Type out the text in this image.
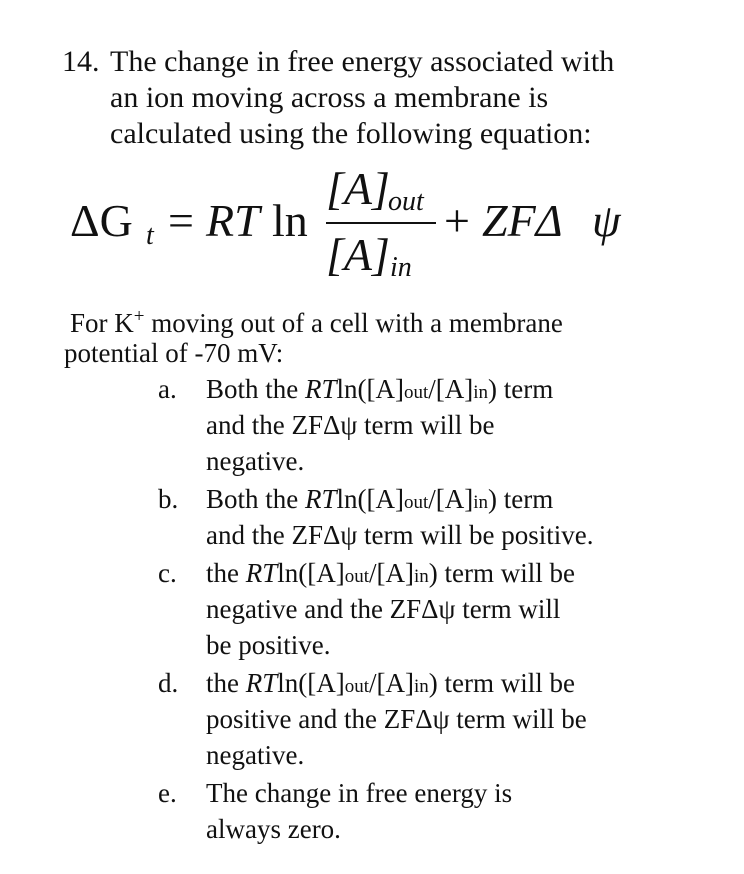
14. The change in free energy associated with
an ion moving across a membrane is
calculated using the following equation:
ΔG t = RT ln
[A]
out
[A] in
+ ZFΔ ψ
For K+ moving out of a cell with a membrane
potential of -70 mV:
a. Both the RTln([A]out/[A]in) term
and the ZFΔψ term will be
negative.
b. Both the RTln([A]out/[A]in) term
and the ZFΔψ term will be positive.
c. the RTln([A]out/[A]in) term will be
negative and the ZFΔψ term will
be positive.
d. the RTln([A]out/[A]in) term will be
positive and the ZFΔψ term will be
negative.
e. The change in free energy is
always zero.
